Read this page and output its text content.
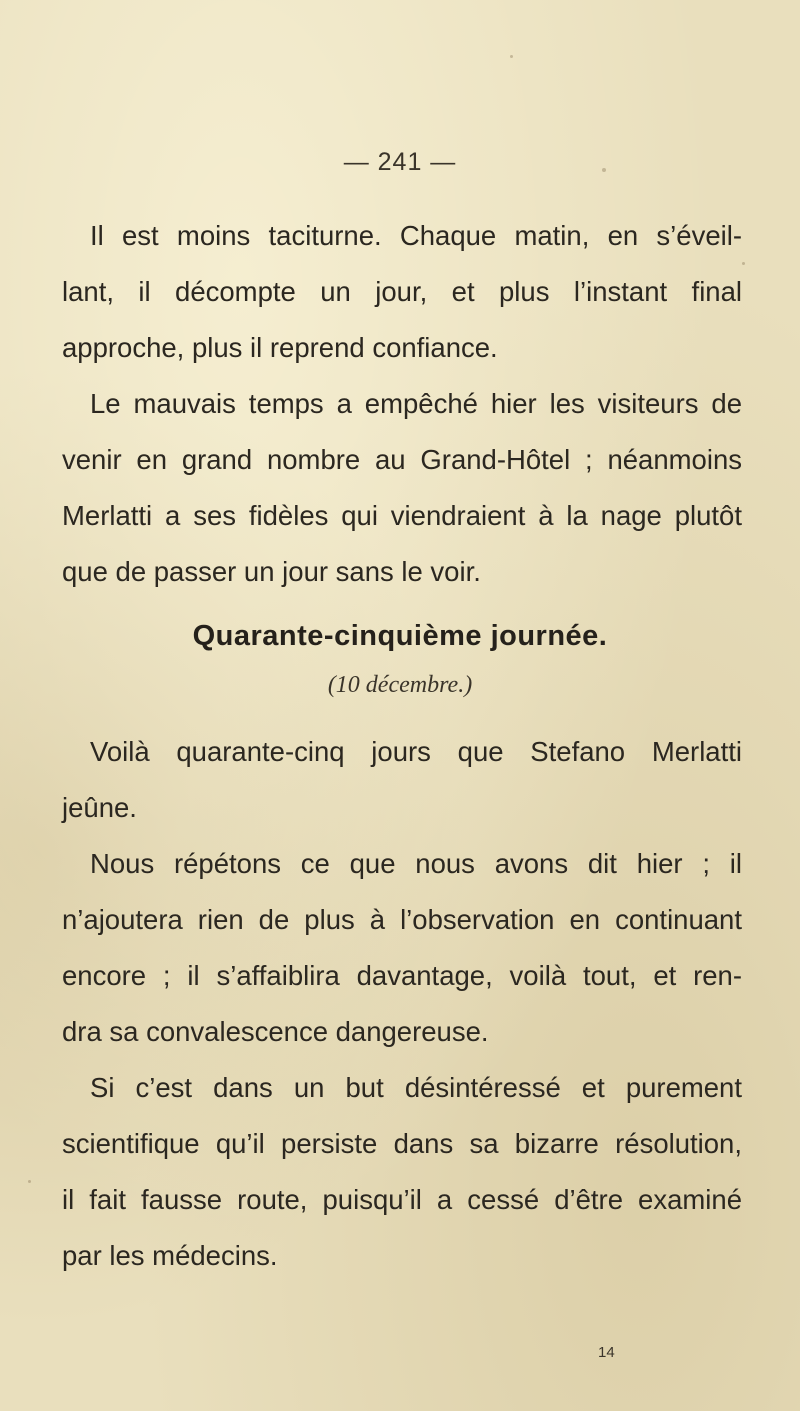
— 241 —
Il est moins taciturne. Chaque matin, en s’éveil-
lant, il décompte un jour, et plus l’instant final
approche, plus il reprend confiance.
Le mauvais temps a empêché hier les visiteurs de
venir en grand nombre au Grand-Hôtel ; néanmoins
Merlatti a ses fidèles qui viendraient à la nage plutôt
que de passer un jour sans le voir.
Quarante-cinquième journée.
(10 décembre.)
Voilà quarante-cinq jours que Stefano Merlatti
jeûne.
Nous répétons ce que nous avons dit hier ; il
n’ajoutera rien de plus à l’observation en continuant
encore ; il s’affaiblira davantage, voilà tout, et ren-
dra sa convalescence dangereuse.
Si c’est dans un but désintéressé et purement
scientifique qu’il persiste dans sa bizarre résolution,
il fait fausse route, puisqu’il a cessé d’être examiné
par les médecins.
14
